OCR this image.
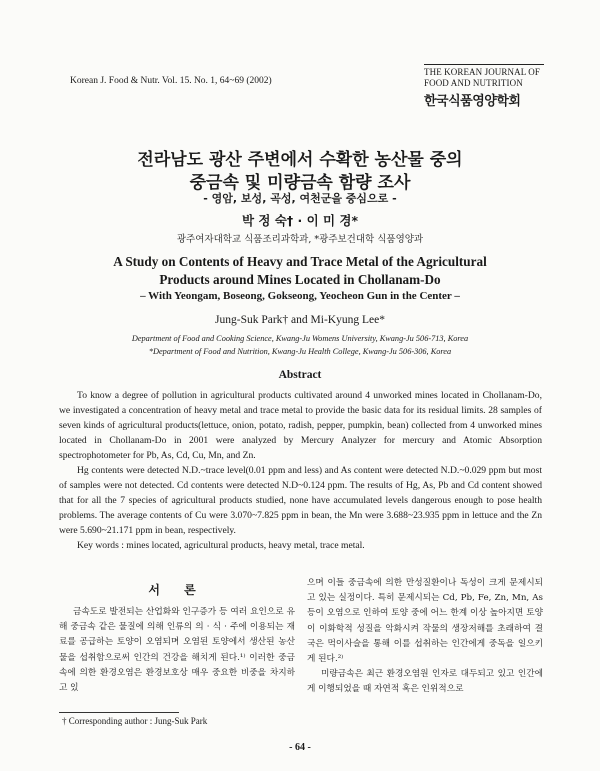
Korean J. Food & Nutr. Vol. 15. No. 1, 64~69 (2002)
THE KOREAN JOURNAL OF
FOOD AND NUTRITION
한국식품영양학회
전라남도 광산 주변에서 수확한 농산물 중의
중금속 및 미량금속 함량 조사
- 영암, 보성, 곡성, 여천군을 중심으로 -
박 정 숙† · 이 미 경*
광주여자대학교 식품조리과학과, *광주보건대학 식품영양과
A Study on Contents of Heavy and Trace Metal of the Agricultural
Products around Mines Located in Chollanam-Do
– With Yeongam, Boseong, Gokseong, Yeocheon Gun in the Center –
Jung-Suk Park† and Mi-Kyung Lee*
Department of Food and Cooking Science, Kwang-Ju Womens University, Kwang-Ju 506-713, Korea
*Department of Food and Nutrition, Kwang-Ju Health College, Kwang-Ju 506-306, Korea
Abstract

To know a degree of pollution in agricultural products cultivated around 4 unworked mines located in Chollanam-Do, we investigated a concentration of heavy metal and trace metal to provide the basic data for its residual limits. 28 samples of seven kinds of agricultural products(lettuce, onion, potato, radish, pepper, pumpkin, bean) collected from 4 unworked mines located in Chollanam-Do in 2001 were analyzed by Mercury Analyzer for mercury and Atomic Absorption spectrophotometer for Pb, As, Cd, Cu, Mn, and Zn.

Hg contents were detected N.D.~trace level(0.01 ppm and less) and As content were detected N.D.~0.029 ppm but most of samples were not detected. Cd contents were detected N.D~0.124 ppm. The results of Hg, As, Pb and Cd content showed that for all the 7 species of agricultural products studied, none have accumulated levels dangerous enough to pose health problems. The average contents of Cu were 3.070~7.825 ppm in bean, the Mn were 3.688~23.935 ppm in lettuce and the Zn were 5.690~21.171 ppm in bean, respectively.

Key words : mines located, agricultural products, heavy metal, trace metal.

서 론

금속도로 발전되는 산업화와 인구증가 등 여러 요인으로 유해 중금속 같은 물질에 의해 인류의 의 · 식 · 주에 이용되는 재료를 공급하는 토양이 오염되며 오염된 토양에서 생산된 농산물을 섭취함으로써 인간의 건강을 해치게 된다.¹⁾ 이러한 중금속에 의한 환경오염은 환경보호상 매우 중요한 비중을 차지하고 있

으며 이들 중금속에 의한 만성질환이나 독성이 크게 문제시되고 있는 실정이다. 특히 문제시되는 Cd, Pb, Fe, Zn, Mn, As 등이 오염으로 인하여 토양 중에 어느 한계 이상 높아지면 토양이 이화학적 성질을 악화시켜 작물의 생장저해를 초래하여 결국은 먹이사슬을 통해 이를 섭취하는 인간에게 중독을 일으키게 된다.²⁾

미량금속은 최근 환경오염원 인자로 대두되고 있고 인간에게 이행되었을 때 자연적 혹은 인위적으로

† Corresponding author : Jung-Suk Park
- 64 -
